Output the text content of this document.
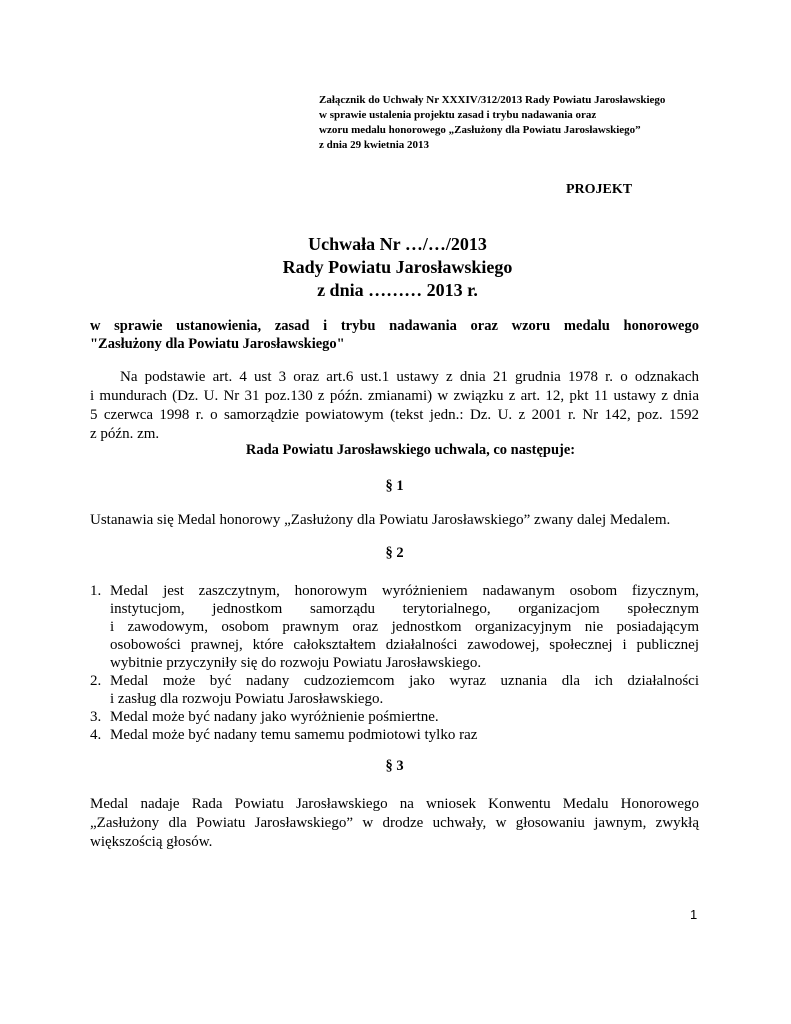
Załącznik do Uchwały Nr XXXIV/312/2013 Rady Powiatu Jarosławskiego
w sprawie ustalenia projektu zasad i trybu nadawania oraz
wzoru medalu honorowego „Zasłużony dla Powiatu Jarosławskiego”
z dnia 29 kwietnia 2013
PROJEKT
Uchwała Nr …/…/2013
Rady Powiatu Jarosławskiego
z dnia ……… 2013 r.
w sprawie ustanowienia, zasad i trybu nadawania oraz wzoru medalu honorowego
"Zasłużony dla Powiatu Jarosławskiego"
Na podstawie art. 4 ust 3 oraz art.6 ust.1 ustawy z dnia 21 grudnia 1978 r. o odznakach
i mundurach (Dz. U. Nr 31 poz.130 z późn. zmianami) w związku z art. 12, pkt 11 ustawy z dnia
5 czerwca 1998 r. o samorządzie powiatowym (tekst jedn.: Dz. U. z 2001 r. Nr 142, poz. 1592
z późn. zm.
Rada Powiatu Jarosławskiego uchwala, co następuje:
§ 1
Ustanawia się Medal honorowy „Zasłużony dla Powiatu Jarosławskiego” zwany dalej Medalem.
§ 2
1. Medal jest zaszczytnym, honorowym wyróżnieniem nadawanym osobom fizycznym,
instytucjom, jednostkom samorządu terytorialnego, organizacjom społecznym
i zawodowym, osobom prawnym oraz jednostkom organizacyjnym nie posiadającym
osobowości prawnej, które całokształtem działalności zawodowej, społecznej i publicznej
wybitnie przyczyniły się do rozwoju Powiatu Jarosławskiego.
2. Medal może być nadany cudzoziemcom jako wyraz uznania dla ich działalności
i zasług dla rozwoju Powiatu Jarosławskiego.
3. Medal może być nadany jako wyróżnienie pośmiertne.
4. Medal może być nadany temu samemu podmiotowi tylko raz
§ 3
Medal nadaje Rada Powiatu Jarosławskiego na wniosek Konwentu Medalu Honorowego
„Zasłużony dla Powiatu Jarosławskiego” w drodze uchwały, w głosowaniu jawnym, zwykłą
większością głosów.
1
